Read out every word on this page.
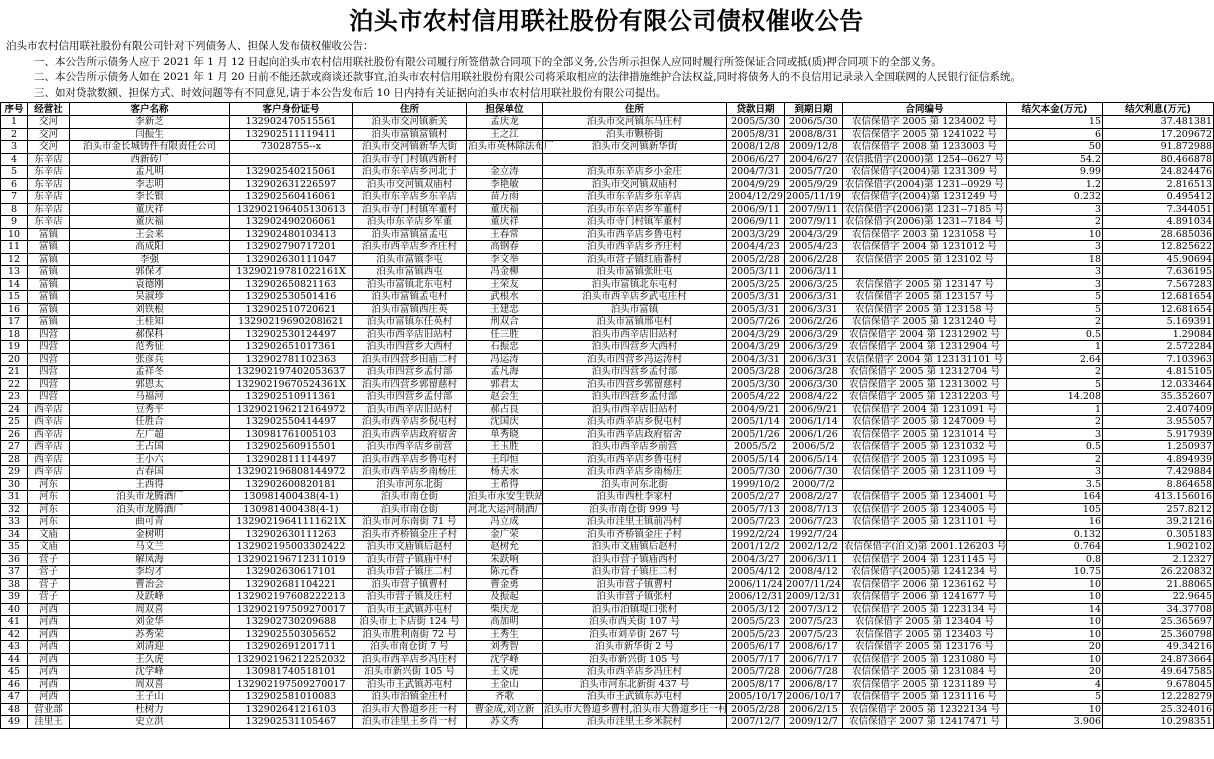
泊头市农村信用联社股份有限公司债权催收公告
泊头市农村信用联社股份有限公司针对下列债务人、担保人发布债权催收公告：
一、本公告所示债务人应于 2021 年 1 月 12 日起向泊头市农村信用联社股份有限公司履行所签借款合同项下的全部义务,公告所示担保人应同时履行所签保证合同或抵(质)押合同项下的全部义务。
二、本公告所示债务人如在 2021 年 1 月 20 日前不能还款或商谈还款事宜,泊头市农村信用联社股份有限公司将采取相应的法律措施维护合法权益,同时将债务人的不良信用记录录入全国联网的人民银行征信系统。
三、如对贷款数额、担保方式、时效问题等有不同意见,请于本公告发布后 10 日内持有关证据向泊头市农村信用联社股份有限公司提出。
序号	经营社	客户名称	客户身份证号	住所	担保单位	住所	贷款日期	到期日期	合同编号	结欠本金(万元)	结欠利息(万元)
1	交河	李新芝	132902470515561	泊头市交河镇新关	孟庆龙	泊头市交河镇东马庄村	2005/5/30	2006/5/30	农信保借字 2005 第 1234002 号	15	37.481381
2	交河	闫振生	132902511119411	泊头市富镇富镇村	王之江	泊头市颗桥街	2005/8/31	2008/8/31	农信保借字 2005 第 1241022 号	6	17.209672
3	交河	泊头市金长城铸件有限责任公司	73028755--x	泊头市交河镇新华大街	泊头市英林除法布厂	泊头市交河镇新华街	2008/12/8	2009/12/8	农信保借字 2008 第 1233003 号	50	91.872988
4	东辛店	西新砖厂		泊头市寺门村镇西新村			2006/6/27	2004/6/27	农信抵借字(2000)第 1254--0627 号	54.2	80.466878
5	东辛店	孟凡明	132902540215061	泊头市东辛店乡河北于	金立涛	泊头市东辛店乡小金庄	2004/7/31	2005/7/20	农信保借字(2004)第 1231309 号	9.99	24.824476
6	东辛店	李志明	132902631226597	泊头市交河镇双庙村	李艳敏	泊头市交河镇双庙村	2004/9/29	2005/9/29	农信保借字(2004)第 1231--0929 号	1.2	2.816513
7	东辛店	李长银	132902560416061	泊头市东辛店乡东辛店	苗万雨	泊头市东辛店乡东辛店	2004/12/29	2005/11/19	农信保借字(2004)第 1231249 号	0.232	0.495412
8	东辛店	董庆祥	132902196405130613	泊头市寺门村镇军董村	董庆福	泊头市东辛店乡军董村	2006/9/11	2007/9/11	农信保借字(2006)第 1231--7185 号	3	7.344051
9	东辛店	董庆福	132902490206061	泊头市东辛店乡军董	董庆祥	泊头市寺门村镇军董村	2006/9/11	2007/9/11	农信保借字(2006)第 1231--7184 号	2	4.891034
10	富镇	王会来	132902480103413	泊头市富镇富孟屯	王春常	泊头市西辛店乡鲁屯村	2003/3/29	2004/3/29	农信保借字 2003 第 1231058 号	10	28.685036
11	富镇	高成阳	132902790717201	泊头市西辛店乡齐庄村	高钢春	泊头市西辛店乡齐庄村	2004/4/23	2005/4/23	农信保借字 2004 第 1231012 号	3	12.825622
12	富镇	李强	132902630111047	泊头市富镇李屯	李文举	泊头市营子镇红庙番村	2005/2/28	2006/2/28	农信保借字 2005 第 123102 号	18	45.90694
13	富镇	郭保才	13290219781022161X	泊头市富镇西屯	冯金柳	泊头市富镇张旺屯	2005/3/11	2006/3/11		3	7.636195
14	富镇	袁德刚	132902650821163	泊头市富镇北东屯村	王荣友	泊头市富镇北东屯村	2005/3/25	2006/3/25	农信保借字 2005 第 123147 号	3	7.567283
15	富镇	吴淑珍	132902530501416	泊头市富镇孟屯村	武根水	泊头市西辛店乡武屯庄村	2005/3/31	2006/3/31	农信保借字 2005 第 123157 号	5	12.681654
16	富镇	刘铁根	132902510720621	泊头市富镇西庄英	王建忠	泊头市富镇	2005/3/31	2006/3/31	农信保借字 2005 第 123158 号	5	12.681654
17	富镇	王桂知	13290219690208l621	泊头市富镇东任英村	刑双合	泊头市富镇邢屯村	2005/7/26	2006/2/26	农信保借字 2005 第 1231240 号	2	5.169391
18	四营	郝保科	132902530124497	泊头市西辛店旧站村	任三胜	泊头市西辛店旧站村	2004/3/29	2006/3/29	农信保借字 2004 第 12312902 号	0.5	1.29084
19	四营	范秀征	132902651017361	泊头市四营乡大西村	石振忠	泊头市四营乡大西村	2004/3/29	2006/3/29	农信保借字 2004 第 12312904 号	1	2.572284
20	四营	张彦兵	132902781102363	泊头市四营乡田庙二村	冯运涛	泊头市四营乡冯运涛村	2004/3/31	2006/3/31	农信保借字 2004 第 123131101 号	2.64	7.103963
21	四营	孟祥冬	132902197402053637	泊头市四营乡孟付部	孟凡海	泊头市四营乡孟付部	2005/3/28	2006/3/28	农信保借字 2005 第 12312704 号	2	4.815105
22	四营	郭恩太	13290219670524361X	泊头市四营乡郭留慈村	郭君太	泊头市四营乡郭留慈村	2005/3/30	2006/3/30	农信保借字 2005 第 12313002 号	5	12.033464
23	四营	马福河	132902510911361	泊头市四营乡孟付部	赵会生	泊头市四营乡孟付部	2005/4/22	2008/4/22	农信保借字 2005 第 12312203 号	14.208	35.352607
24	西辛店	豆秀平	132902196212164972	泊头市西辛店旧站村	郝占良	泊头市西辛店旧站村	2004/9/21	2006/9/21	农信保借字 2004 第 1231091 号	1	2.407409
25	西辛店	任胜合	132902550414497	泊头市西辛店乡倪屯村	沈国庆	泊头市西辛店乡倪屯村	2005/1/14	2006/1/14	农信保借字 2005 第 1247009 号	2	3.955057
26	西辛店	左广超	130981761005103	泊头市西辛店政府宿舍	单秀晓	泊头市西辛店政府宿舍	2005/1/26	2006/1/26	农信保借字 2005 第 1231014 号	3	5.917939
27	西辛店	王占国	132902560915501	泊头市西辛店乡前营	王玉胜	泊头市西辛店乡前营	2005/5/2	2006/5/2	农信保借字 2005 第 1231032 号	0.5	1.250937
28	西辛店	王小六	132902811114497	泊头市西辛店乡鲁屯村	王印恒	泊头市西辛店乡鲁屯村	2005/5/14	2006/5/14	农信保借字 2005 第 1231095 号	2	4.894939
29	西辛店	古春国	132902196808144972	泊头市西辛店乡南杨庄	杨夫永	泊头市西辛店乡南杨庄	2005/7/30	2006/7/30	农信保借字 2005 第 1231109 号	3	7.429884
30	河东	王西得	132902600820181	泊头市河东北街	王希得	泊头市河东北街	1999/10/2	2000/7/2		3.5	8.864658
31	河东	泊头市龙腾酒厂	130981400438(4-1)	泊头市南仓街	泊头市永安生铁站	泊头市西杜李家村	2005/2/27	2008/2/27	农信保借字 2005 第 1234001 号	164	413.156016
32	河东	泊头市龙腾酒厂	130981400438(4-1)	泊头市南仓街	河北大运河制酒厂	泊头市南仓街 999 号	2005/7/13	2008/7/13	农信保借字 2005 第 1234005 号	105	257.8212
33	河东	曲可青	132902196411116​21X	泊头市河东南街 71 号	冯立成	泊头市洼里王镇前冯村	2005/7/23	2006/7/23	农信保借字 2005 第 1231101 号	16	39.21216
34	文庙	金树明	132902630111263	泊头市齐桥镇金庄子村	金广荣	泊头市齐桥镇金庄子村	1992/2/24	1992/7/24		0.132	0.305183
35	文庙	马文兰	132902195003302422	泊头市文庙镇后赵村	赵树允	泊头市文庙镇后赵村	2001/12/2	2002/12/2	农信保借字(泊文)第 2001.126203 号	0.764	1.902102
36	营子	解凤海	132902196712311019	泊头市营子镇庙中村	朱跃响	泊头市营子镇庙西村	2004/3/27	2006/3/11	农信保借字 2004 第 1231145 号	0.8	2.12327
37	营子	李均才	132902630617101	泊头市营子镇庄二村	陈元香	泊头市营子镇庄二村	2005/4/12	2008/4/12	农信保借字(2005)第 1241234 号	10.75	26.220832
38	营子	曹治会	132902681104221	泊头市营子镇曹村	曹金勇	泊头市营子镇曹村	2006/11/24	2007/11/24	农信保借字 2006 第 1236162 号	10	21.88065
39	营子	及跃峰	132902197608222213	泊头市营子镇及庄村	及振起	泊头市营子镇张村	2006/12/31	2009/12/31	农信保借字 2006 第 1241677 号	10	22.9645
40	河西	周双喜	132902197509270017	泊头市王武镇苏屯村	柴庆龙	泊头市泊镇堤口张村	2005/3/12	2007/3/12	农信保借字 2005 第 1223134 号	14	34.37708
41	河西	刘金华	132902730209688	泊头市上下店街 124 号	高加明	泊头市西关街 107 号	2005/5/23	2007/5/23	农信保借字 2005 第 123404 号	10	25.365697
42	河西	苏秀荣	132902550305652	泊头市胜利南街 72 号	王秀生	泊头市刘辛街 267 号	2005/5/23	2007/5/23	农信保借字 2005 第 123403 号	10	25.360798
43	河西	刘清迎	132902691201711	泊头市南仓街 7 号	刘秀智	泊头市新华街 2 号	2005/6/17	2008/6/17	农信保借字 2005 第 123176 号	20	49.34216
44	河西	王久虎	132902196212252032	泊头市西辛店乡冯庄村	沈学峰	泊头市新兴街 105 号	2005/7/17	2006/7/17	农信保借字 2005 第 1231080 号	10	24.873664
45	河西	沈学峰	130981740518101	泊头市新兴街 105 号	王文虎	泊头市西辛店乡冯庄村	2005/7/28	2006/7/28	农信保借字 2005 第 1231084 号	20	49.647585
46	河西	周双喜	132902197509270017	泊头市王武镇苏屯村	王金山	泊头市河东北新街 437 号	2005/8/17	2006/8/17	农信保借字 2005 第 1231189 号	4	9.678045
47	河西	王子山	132902581010083	泊头市泊镇金庄村	齐歌	泊头市王武镇东苏屯村	2005/10/17	2006/10/17	农信保借字 2005 第 1231116 号	5	12.228279
48	营业部	杜树力	132902641216103	泊头市大鲁道乡庄一村	曹金成,刘立新	泊头市大鲁道乡曹村,泊头市大鲁道乡庄一村	2005/2/28	2006/2/15	农信保借字 2005 第 12322134 号	10	25.324016
49	洼里王	史立洪	132902531105467	泊头市洼里王乡肖一村	苏文秀	泊头市洼里王乡米院村	2007/12/7	2009/12/7	农信保借字 2007 第 12417471 号	3.906	10.298351
